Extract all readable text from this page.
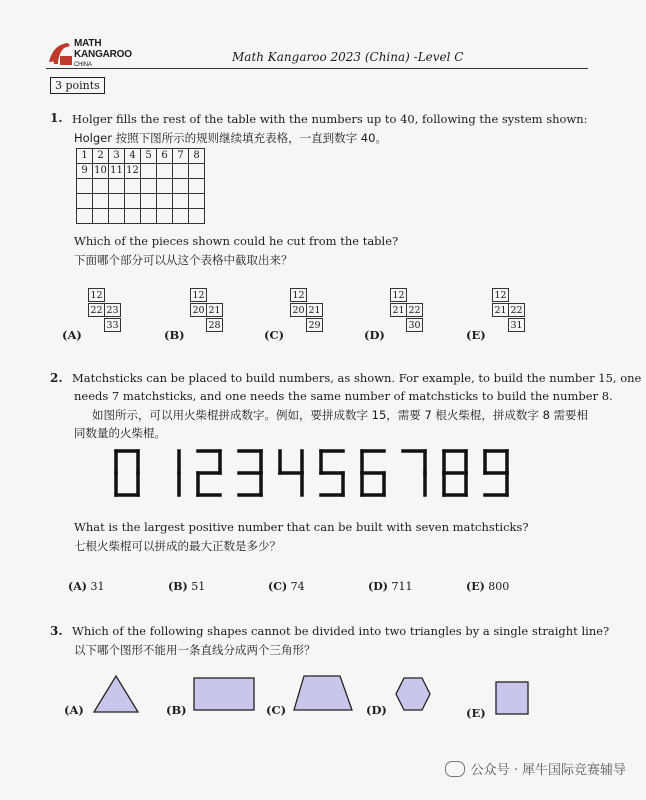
MATH
KANGAROO
CHINA
Math Kangaroo 2023 (China) -Level C
3 points
1. Holger fills the rest of the table with the numbers up to 40, following the system shown:
Holger 按照下图所示的规则继续填充表格，一直到数字 40。
1	2	3	4	5	6	7	8
9	10	11	12				

Which of the pieces shown could he cut from the table?
下面哪个部分可以从这个表格中截取出来？
(A)
12
22 23
33
(B)
12
20 21
28
(C)
12
20 21
29
(D)
12
21 22
30
(E)
12
21 22
31
2. Matchsticks can be placed to build numbers, as shown. For example, to build the number 15, one
needs 7 matchsticks, and one needs the same number of matchsticks to build the number 8.
如图所示，可以用火柴棍拼成数字。例如，要拼成数字 15，需要 7 根火柴棍，拼成数字 8 需要相
同数量的火柴棍。
What is the largest positive number that can be built with seven matchsticks?
七根火柴棍可以拼成的最大正数是多少？
(A) 31	(B) 51	(C) 74	(D) 711	(E) 800
3. Which of the following shapes cannot be divided into two triangles by a single straight line?
以下哪个图形不能用一条直线分成两个三角形？
(A)	(B)	(C)	(D)	(E)
公众号 · 犀牛国际竞赛辅导
